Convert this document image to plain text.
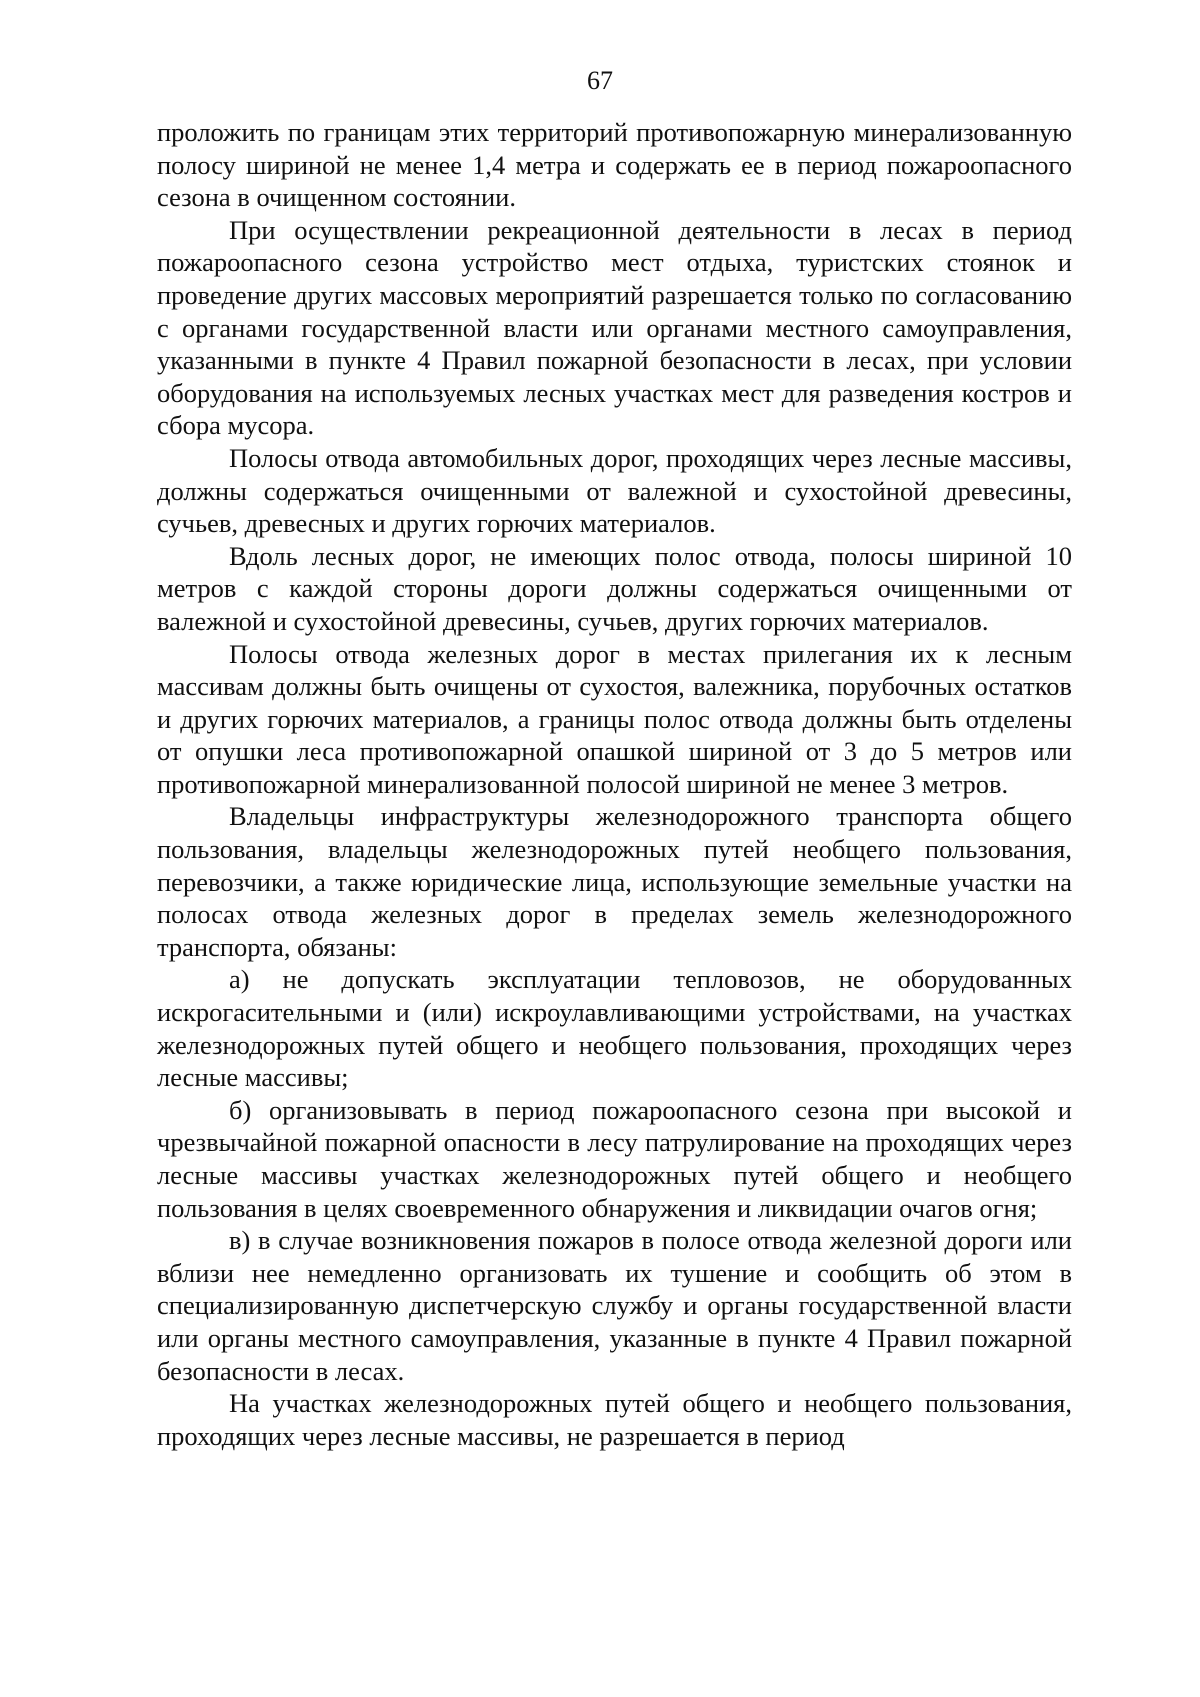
67

проложить по границам этих территорий противопожарную минерализованную полосу шириной не менее 1,4 метра и содержать ее в период пожароопасного сезона в очищенном состоянии.

При осуществлении рекреационной деятельности в лесах в период пожароопасного сезона устройство мест отдыха, туристских стоянок и проведение других массовых мероприятий разрешается только по согласованию с органами государственной власти или органами местного самоуправления, указанными в пункте 4 Правил пожарной безопасности в лесах, при условии оборудования на используемых лесных участках мест для разведения костров и сбора мусора.

Полосы отвода автомобильных дорог, проходящих через лесные массивы, должны содержаться очищенными от валежной и сухостойной древесины, сучьев, древесных и других горючих материалов.

Вдоль лесных дорог, не имеющих полос отвода, полосы шириной 10 метров с каждой стороны дороги должны содержаться очищенными от валежной и сухостойной древесины, сучьев, других горючих материалов.

Полосы отвода железных дорог в местах прилегания их к лесным массивам должны быть очищены от сухостоя, валежника, порубочных остатков и других горючих материалов, а границы полос отвода должны быть отделены от опушки леса противопожарной опашкой шириной от 3 до 5 метров или противопожарной минерализованной полосой шириной не менее 3 метров.

Владельцы инфраструктуры железнодорожного транспорта общего пользования, владельцы железнодорожных путей необщего пользования, перевозчики, а также юридические лица, использующие земельные участки на полосах отвода железных дорог в пределах земель железнодорожного транспорта, обязаны:

а) не допускать эксплуатации тепловозов, не оборудованных искрогасительными и (или) искроулавливающими устройствами, на участках железнодорожных путей общего и необщего пользования, проходящих через лесные массивы;

б) организовывать в период пожароопасного сезона при высокой и чрезвычайной пожарной опасности в лесу патрулирование на проходящих через лесные массивы участках железнодорожных путей общего и необщего пользования в целях своевременного обнаружения и ликвидации очагов огня;

в) в случае возникновения пожаров в полосе отвода железной дороги или вблизи нее немедленно организовать их тушение и сообщить об этом в специализированную диспетчерскую службу и органы государственной власти или органы местного самоуправления, указанные в пункте 4 Правил пожарной безопасности в лесах.

На участках железнодорожных путей общего и необщего пользования, проходящих через лесные массивы, не разрешается в период
